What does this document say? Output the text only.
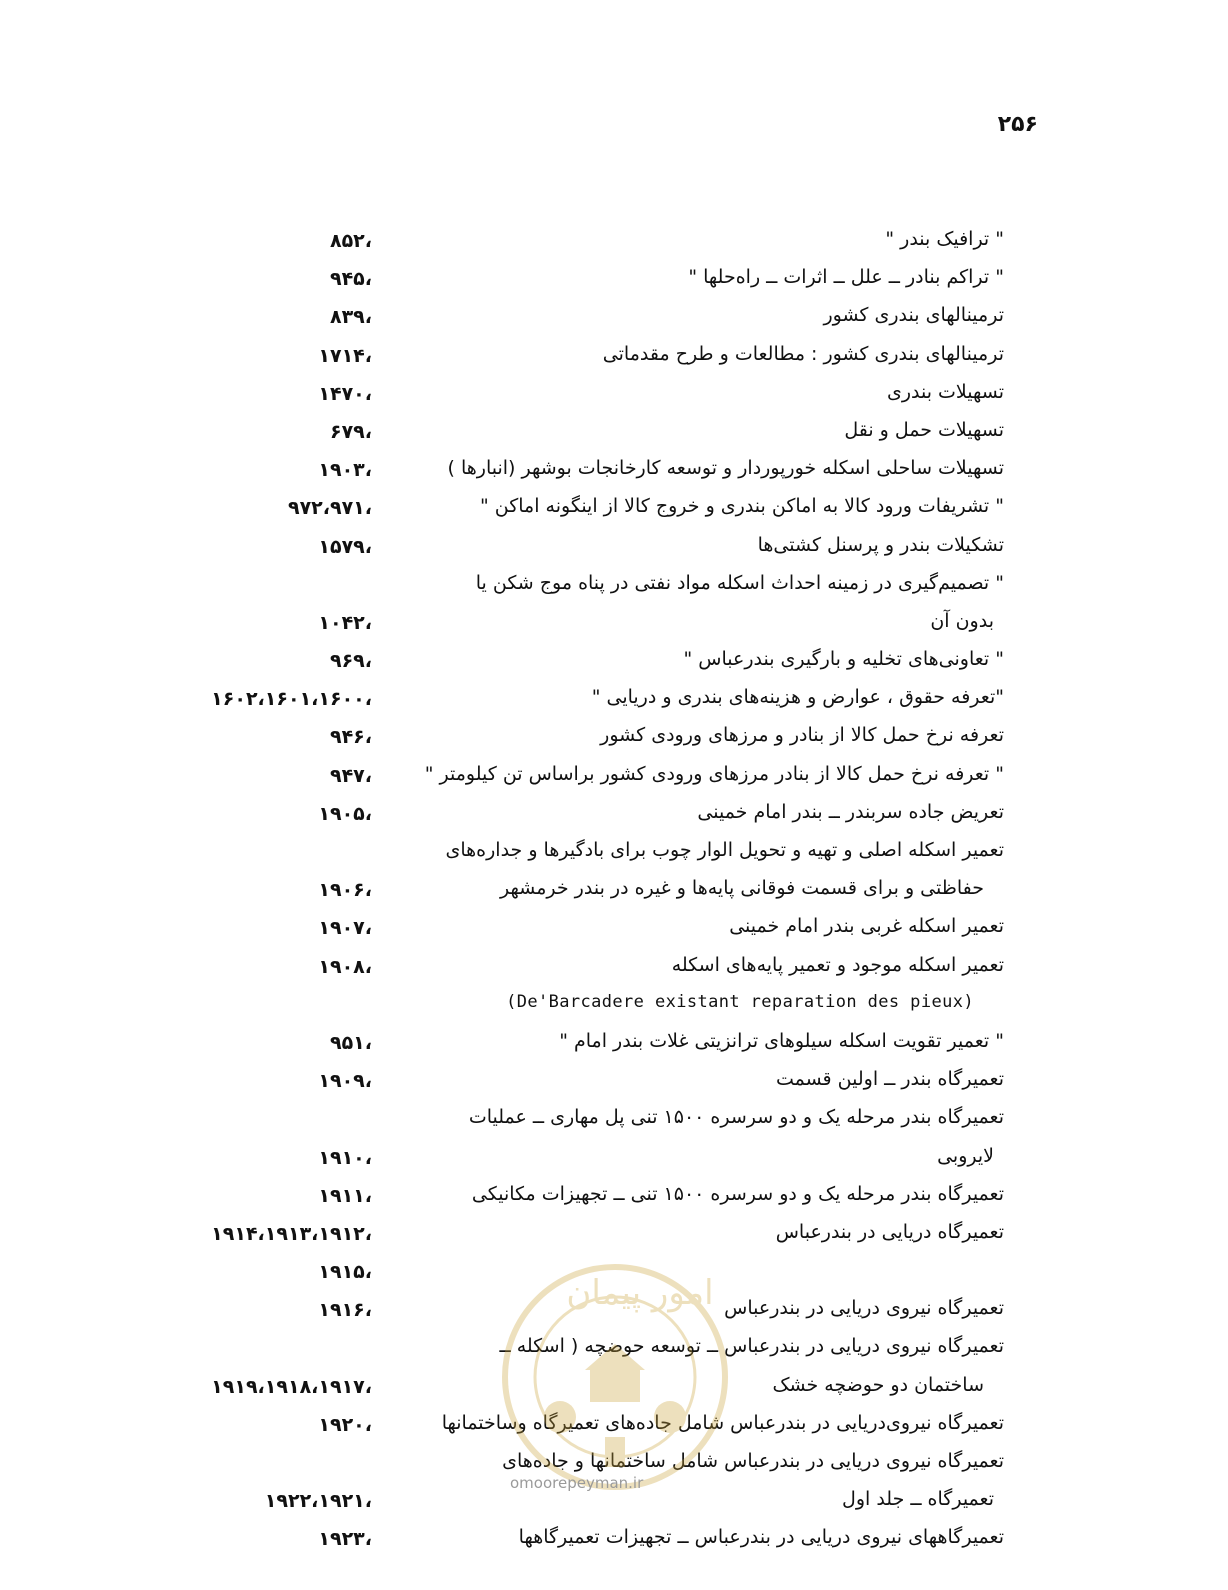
۲۵۶
،۸۵۲	" ترافیک بندر "
،۹۴۵	" تراکم بنادر ــ علل ــ اثرات ــ راه‌حلها "
،۸۳۹	ترمینالهای بندری کشور
،۱۷۱۴	ترمینالهای بندری کشور : مطالعات و طرح مقدماتی
،۱۴۷۰	تسهیلات بندری
،۶۷۹	تسهیلات حمل و نقل
،۱۹۰۳	تسهیلات ساحلی اسکله خورپوردار و توسعه کارخانجات بوشهر (انبارها )
،۹۷۲،۹۷۱	" تشریفات ورود کالا به اماکن بندری و خروج کالا از اینگونه اماکن "
،۱۵۷۹	تشکیلات بندر و پرسنل کشتی‌ها
" تصمیم‌گیری در زمینه احداث اسکله مواد نفتی در پناه موج شکن یا
،۱۰۴۲	بدون آن
،۹۶۹	" تعاونی‌های تخلیه و بارگیری بندرعباس "
،۱۶۰۲،۱۶۰۱،۱۶۰۰	"تعرفه حقوق ، عوارض و هزینه‌های بندری و دریایی "
،۹۴۶	تعرفه نرخ حمل کالا از بنادر و مرزهای ورودی کشور
،۹۴۷	" تعرفه نرخ حمل کالا از بنادر مرزهای ورودی کشور براساس تن کیلومتر "
،۱۹۰۵	تعریض جاده سربندر ــ بندر امام خمینی
تعمیر اسکله اصلی و تهیه و تحویل الوار چوب برای بادگیرها و جداره‌های
،۱۹۰۶	حفاظتی و برای قسمت فوقانی پایه‌ها و غیره در بندر خرمشهر
،۱۹۰۷	تعمیر اسکله غربی بندر امام خمینی
،۱۹۰۸	تعمیر اسکله موجود و تعمیر پایه‌های اسکله
(De'Barcadere existant reparation des pieux)
،۹۵۱	" تعمیر تقویت اسکله سیلوهای ترانزیتی غلات بندر امام "
،۱۹۰۹	تعمیرگاه بندر ــ اولین قسمت
تعمیرگاه بندر مرحله یک و دو سرسره ۱۵۰۰ تنی پل مهاری ــ عملیات
،۱۹۱۰	لایروبی
،۱۹۱۱	تعمیرگاه بندر مرحله یک و دو سرسره ۱۵۰۰ تنی ــ تجهیزات مکانیکی
،۱۹۱۴،۱۹۱۳،۱۹۱۲	تعمیرگاه دریایی در بندرعباس
،۱۹۱۵
،۱۹۱۶	تعمیرگاه نیروی دریایی در بندرعباس
تعمیرگاه نیروی دریایی در بندرعباس ــ توسعه حوضچه ( اسکله ــ
،۱۹۱۹،۱۹۱۸،۱۹۱۷	ساختمان دو حوضچه خشک
،۱۹۲۰	تعمیرگاه نیروی‌دریایی در بندرعباس شامل جاده‌های تعمیرگاه وساختمانها
تعمیرگاه نیروی دریایی در بندرعباس شامل ساختمانها و جاده‌های
،۱۹۲۲،۱۹۲۱	تعمیرگاه ــ جلد اول
،۱۹۲۳	تعمیرگاههای نیروی دریایی در بندرعباس ــ تجهیزات تعمیرگاهها
امور پیمان
omoorepeyman.ir
